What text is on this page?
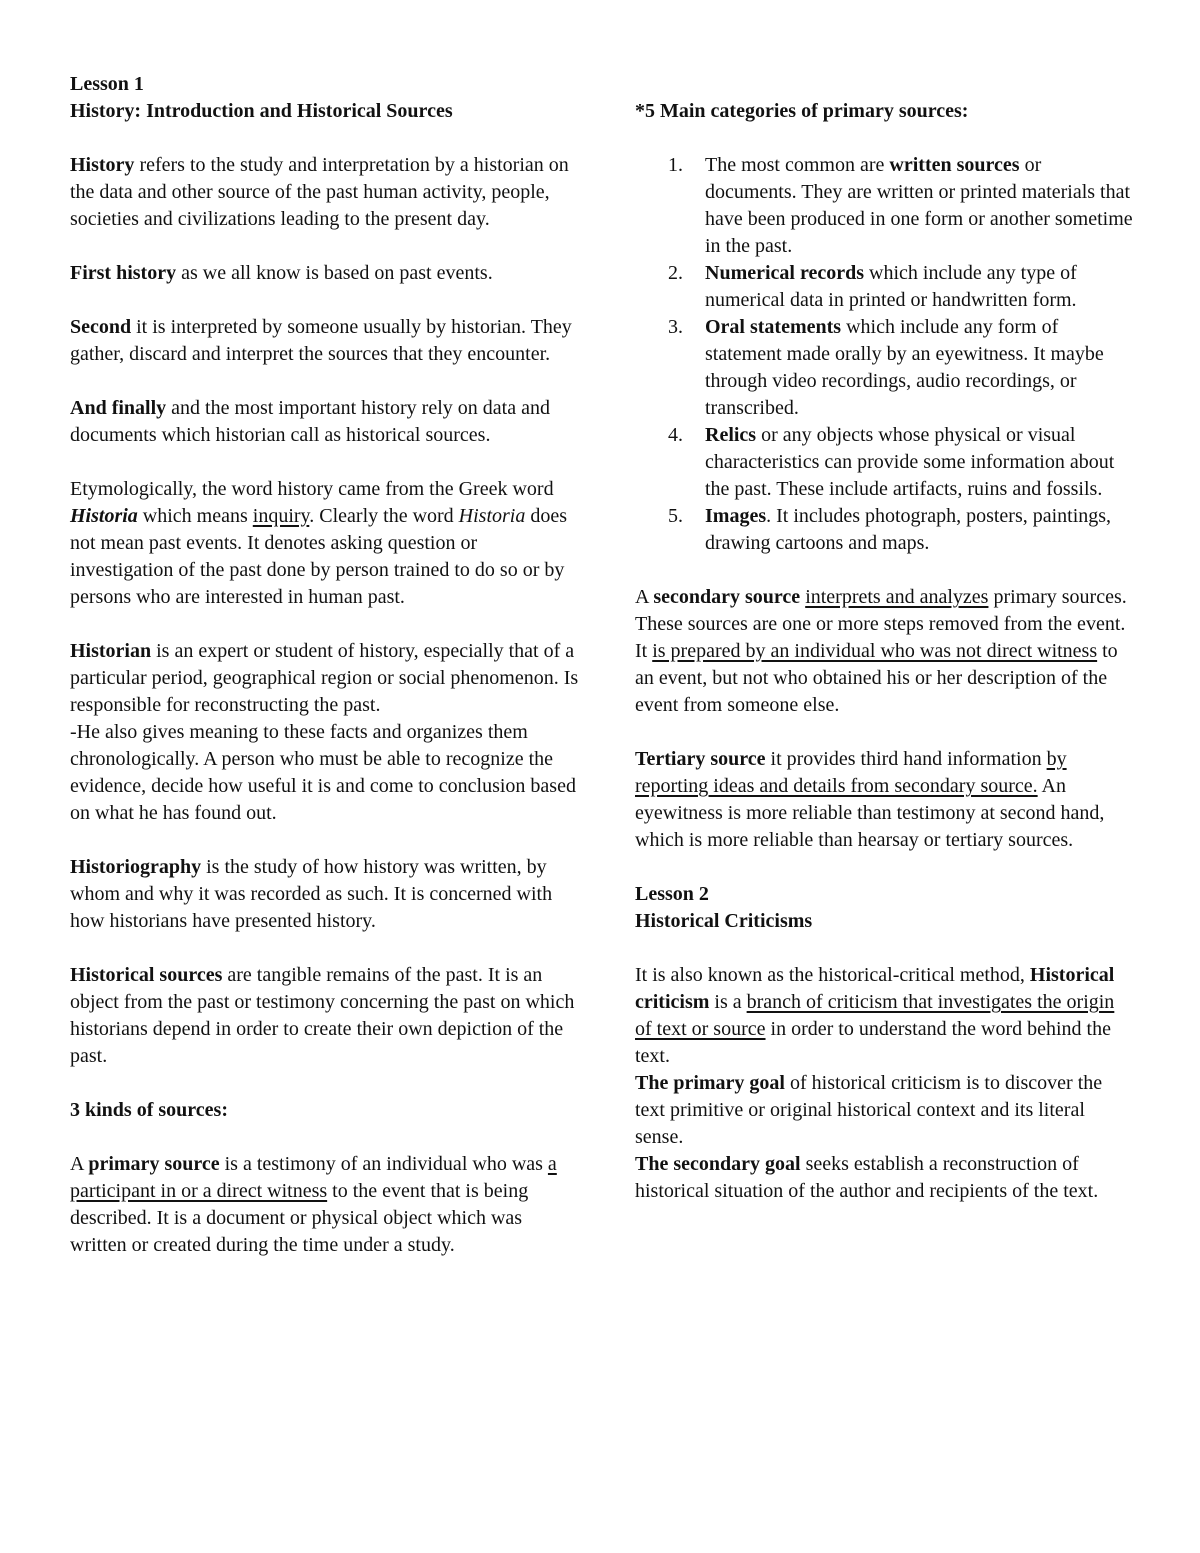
Lesson 1

History: Introduction and Historical Sources

History refers to the study and interpretation by a historian on the data and other source of the past human activity, people, societies and civilizations leading to the present day.

First history as we all know is based on past events.

Second it is interpreted by someone usually by historian. They gather, discard and interpret the sources that they encounter.

And finally and the most important history rely on data and documents which historian call as historical sources.

Etymologically, the word history came from the Greek word Historia which means inquiry. Clearly the word Historia does not mean past events. It denotes asking question or investigation of the past done by person trained to do so or by persons who are interested in human past.

Historian is an expert or student of history, especially that of a particular period, geographical region or social phenomenon. Is responsible for reconstructing the past.

-He also gives meaning to these facts and organizes them chronologically. A person who must be able to recognize the evidence, decide how useful it is and come to conclusion based on what he has found out.

Historiography is the study of how history was written, by whom and why it was recorded as such. It is concerned with how historians have presented history.

Historical sources are tangible remains of the past. It is an object from the past or testimony concerning the past on which historians depend in order to create their own depiction of the past.

3 kinds of sources:

A primary source is a testimony of an individual who was a participant in or a direct witness to the event that is being described. It is a document or physical object which was written or created during the time under a study.

*5 Main categories of primary sources:

1. The most common are written sources or documents. They are written or printed materials that have been produced in one form or another sometime in the past.
2. Numerical records which include any type of numerical data in printed or handwritten form.
3. Oral statements which include any form of statement made orally by an eyewitness. It maybe through video recordings, audio recordings, or transcribed.
4. Relics or any objects whose physical or visual characteristics can provide some information about the past. These include artifacts, ruins and fossils.
5. Images. It includes photograph, posters, paintings, drawing cartoons and maps.

A secondary source interprets and analyzes primary sources. These sources are one or more steps removed from the event. It is prepared by an individual who was not direct witness to an event, but not who obtained his or her description of the event from someone else.

Tertiary source it provides third hand information by reporting ideas and details from secondary source. An eyewitness is more reliable than testimony at second hand, which is more reliable than hearsay or tertiary sources.

Lesson 2

Historical Criticisms

It is also known as the historical-critical method, Historical criticism is a branch of criticism that investigates the origin of text or source in order to understand the word behind the text.

The primary goal of historical criticism is to discover the text primitive or original historical context and its literal sense.

The secondary goal seeks establish a reconstruction of historical situation of the author and recipients of the text.
